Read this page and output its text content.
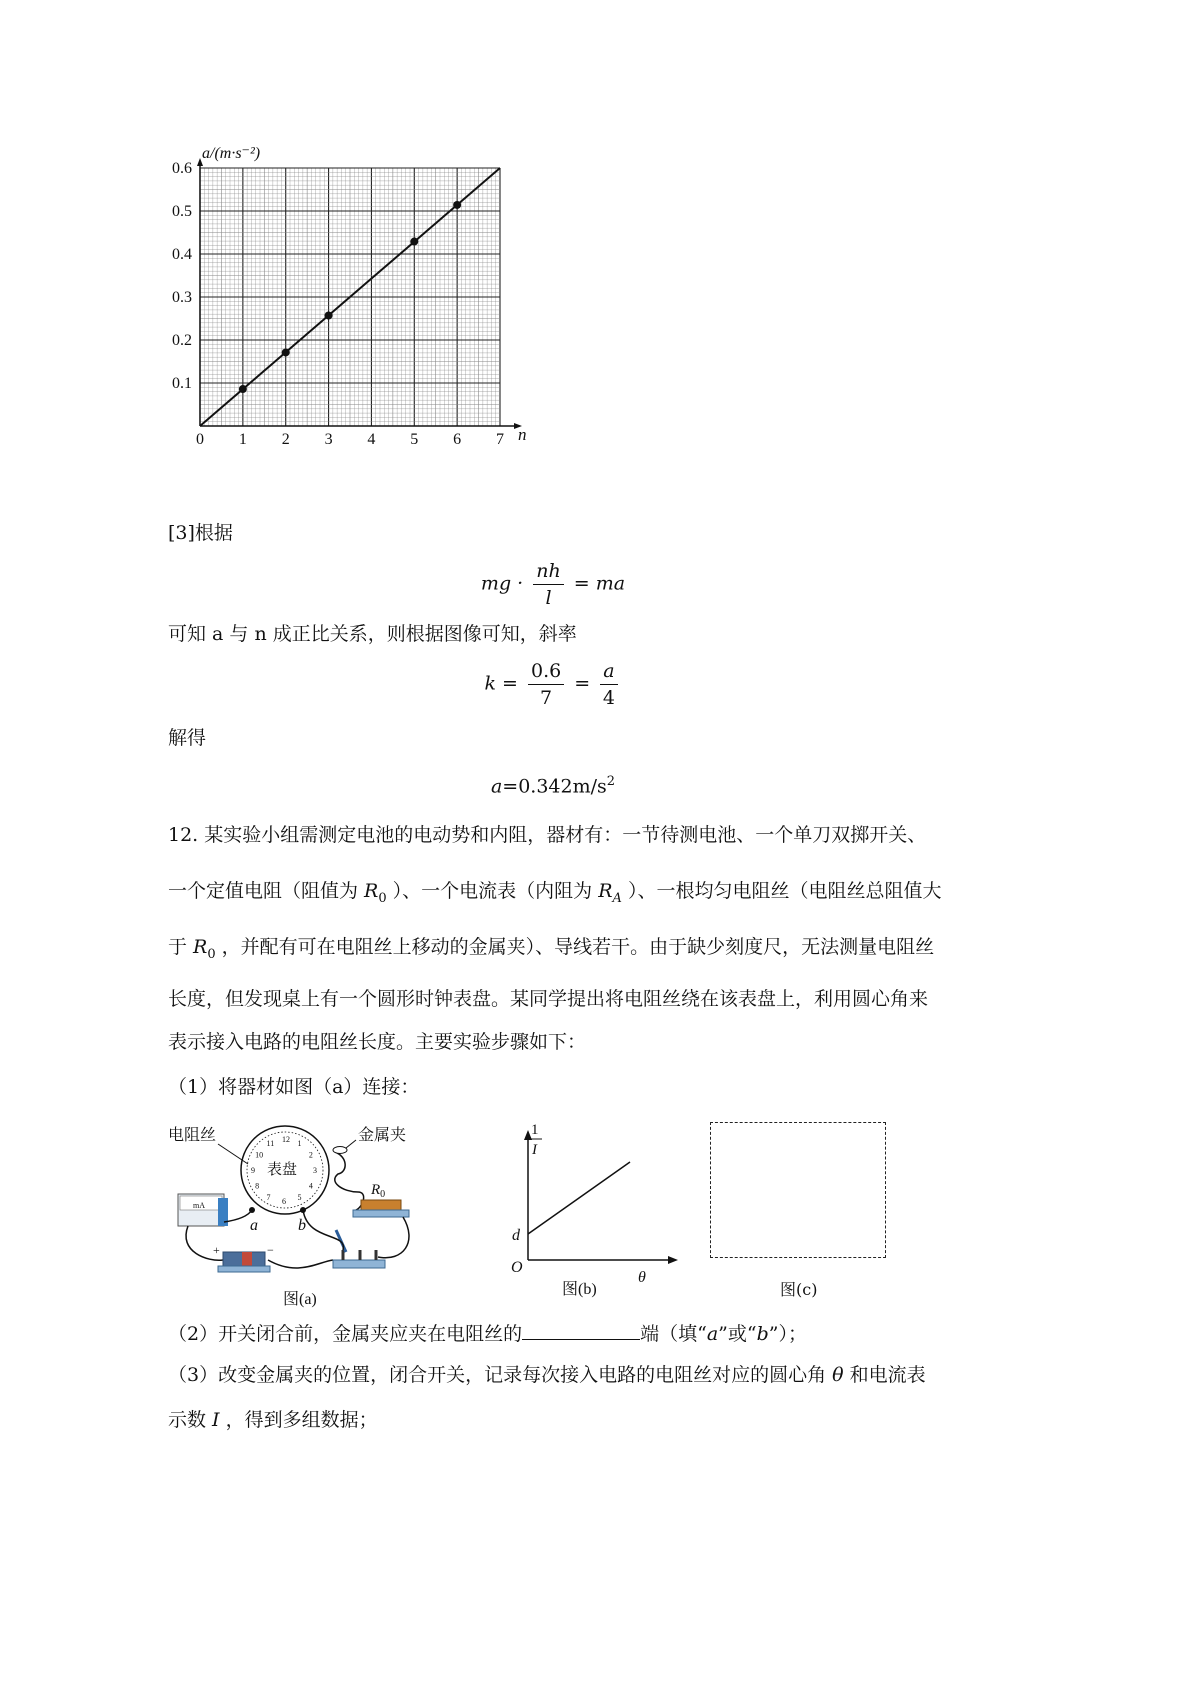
0 1 2 3 4 5 6 7
0.1
0.2
0.3
0.4
0.5
0.6
a/(m·s⁻²)
n
[3]根据
mg · $\frac{nh}{l}$ = ma
可知 a 与 n 成正比关系，则根据图像可知，斜率
$k = \frac{0.6}{7} = \frac{a}{4}$
解得
$a=0.342m/s^2$
12. 某实验小组需测定电池的电动势和内阻，器材有：一节待测电池、一个单刀双掷开关、
一个定值电阻（阻值为 $R_0$ ）、一个电流表（内阻为 $R_A$ ）、一根均匀电阻丝（电阻丝总阻值大
于 $R_0$ ，并配有可在电阻丝上移动的金属夹）、导线若干。由于缺少刻度尺，无法测量电阻丝
长度，但发现桌上有一个圆形时钟表盘。某同学提出将电阻丝绕在该表盘上，利用圆心角来
表示接入电路的电阻丝长度。主要实验步骤如下：
（1）将器材如图（a）连接：
电阻丝	12 1
2
3
4
5
6
7
8
9
10
11
表盘
金属夹
$R_0$
a	b
mA
+	−
图(a)
1
I
d
O
θ
图(b)	图(c)
（2）开关闭合前，金属夹应夹在电阻丝的	端（填“a”或“b”）；
（3）改变金属夹的位置，闭合开关，记录每次接入电路的电阻丝对应的圆心角 θ 和电流表
示数 I ，得到多组数据；
